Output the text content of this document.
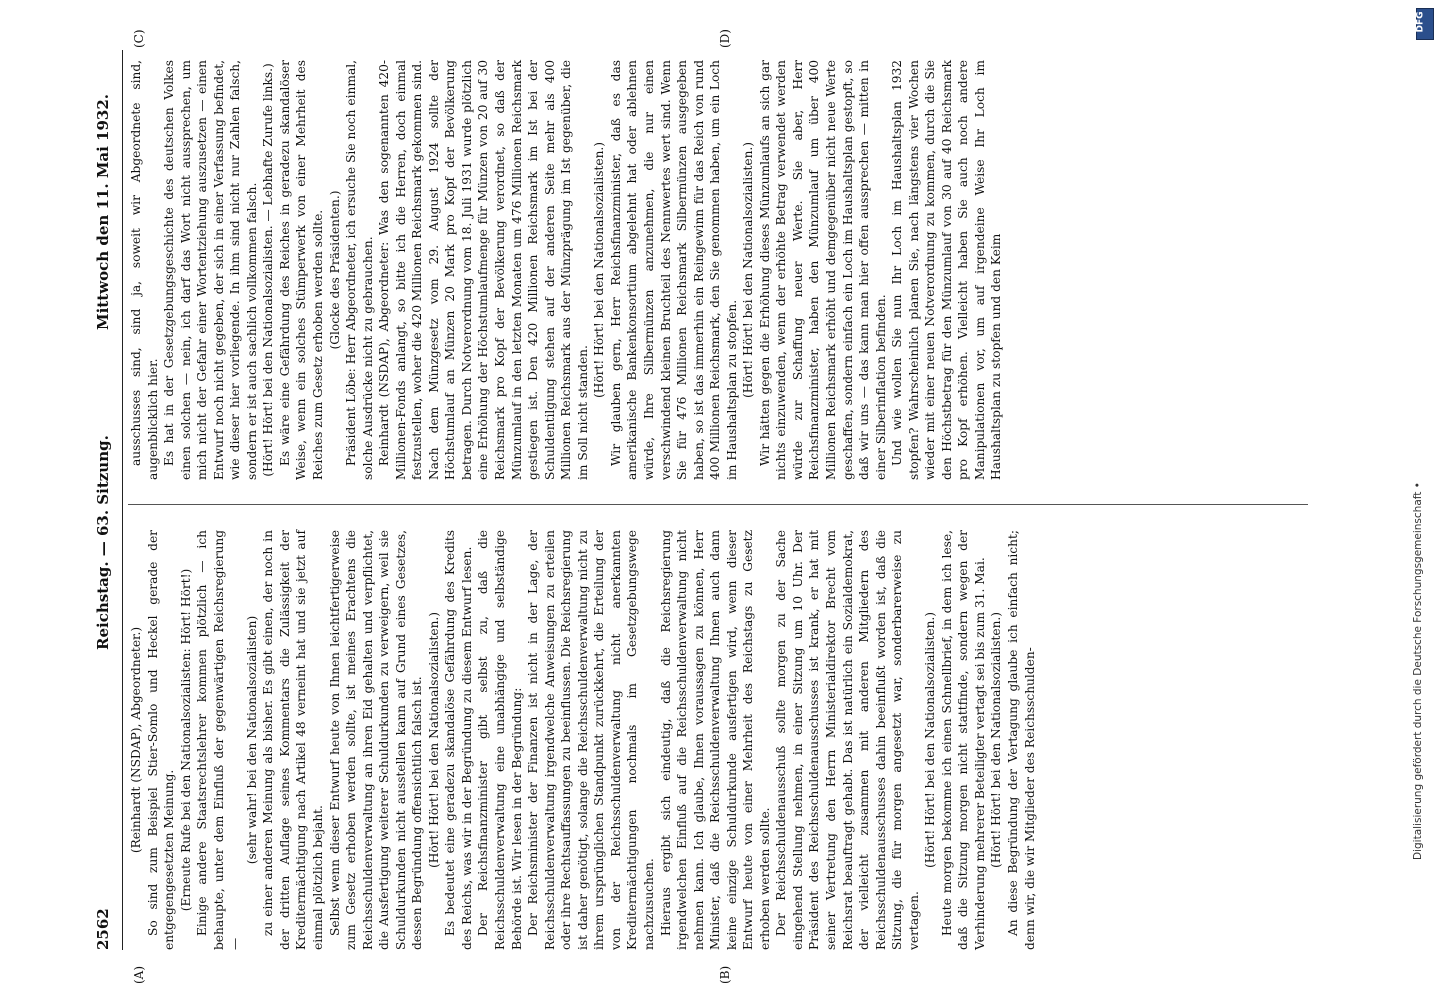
2562
Reichstag. — 63. Sitzung.
Mittwoch den 11. Mai 1932.
(A)	(B)
(C)	(D)

(Reinhardt (NSDAP), Abgeordneter.) So sind zum Beispiel Stier-Somlo und Heckel gerade der entgegengesetzten Meinung. (Erneute Rufe bei den Nationalsozialisten: Hört! Hört!) Einige andere Staatsrechtslehrer kommen plötzlich — ich behaupte, unter dem Einfluß der gegenwärtigen Reichsregierung —

(sehr wahr! bei den Nationalsozialisten) zu einer anderen Meinung als bisher. Es gibt einen, der noch in der dritten Auflage seines Kommentars die Zulässigkeit der Kreditermächtigung nach Artikel 48 verneint hat und sie jetzt auf einmal plötzlich bejaht. Selbst wenn dieser Entwurf heute von Ihnen leichtfertigerweise zum Gesetz erhoben werden sollte, ist meines Erachtens die Reichsschuldenverwaltung an ihren Eid gehalten und verpflichtet, die Ausfertigung weiterer Schuldurkunden zu verweigern, weil sie Schuldurkunden nicht ausstellen kann auf Grund eines Gesetzes, dessen Begründung offensichtlich falsch ist. (Hört! Hört! bei den Nationalsozialisten.) Es bedeutet eine geradezu skandalöse Gefährdung des Kredits des Reichs, was wir in der Begründung zu diesem Entwurf lesen. Der Reichsfinanzminister gibt selbst zu, daß die Reichsschuldenverwaltung eine unabhängige und selbständige Behörde ist. Wir lesen in der Begründung: Der Reichsminister der Finanzen ist nicht in der Lage, der Reichsschuldenverwaltung irgendwelche Anweisungen zu erteilen oder ihre Rechtsauffassungen zu beeinflussen. Die Reichsregierung ist daher genötigt, solange die Reichsschuldenverwaltung nicht zu ihrem ursprünglichen Standpunkt zurückkehrt, die Erteilung der von der Reichsschuldenverwaltung nicht anerkannten Kreditermächtigungen nochmals im Gesetzgebungswege nachzusuchen. Hieraus ergibt sich eindeutig, daß die Reichsregierung irgendwelchen Einfluß auf die Reichsschuldenverwaltung nicht nehmen kann. Ich glaube, Ihnen voraussagen zu können, Herr Minister, daß die Reichsschuldenverwaltung Ihnen auch dann keine einzige Schuldurkunde ausfertigen wird, wenn dieser Entwurf heute von einer Mehrheit des Reichstags zu Gesetz erhoben werden sollte. Der Reichsschuldenausschuß sollte morgen zu der Sache eingehend Stellung nehmen, in einer Sitzung um 10 Uhr. Der Präsident des Reichsschuldenausschusses ist krank, er hat mit seiner Vertretung den Herrn Ministerialdirektor Brecht vom Reichsrat beauftragt gehabt. Das ist natürlich ein Sozialdemokrat, der vielleicht zusammen mit anderen Mitgliedern des Reichsschuldenausschusses dahin beeinflußt worden ist, daß die Sitzung, die für morgen angesetzt war, sonderbarerweise zu vertagen.

(Hört! Hört! bei den Nationalsozialisten.) Heute morgen bekomme ich einen Schnellbrief, in dem ich lese, daß die Sitzung morgen nicht stattfinde, sondern wegen der Verhinderung mehrerer Beteiligter vertagt sei bis zum 31. Mai. (Hört! Hört! bei den Nationalsozialisten.) An diese Begründung der Vertagung glaube ich einfach nicht; denn wir, die wir Mitglieder des Reichsschulden-

ausschusses sind, sind ja, soweit wir Abgeordnete sind, augenblicklich hier. Es hat in der Gesetzgebungsgeschichte des deutschen Volkes einen solchen — nein, ich darf das Wort nicht aussprechen, um mich nicht der Gefahr einer Wortentziehung auszusetzen — einen Entwurf noch nicht gegeben, der sich in einer Verfassung befindet, wie dieser hier vorliegende. In ihm sind nicht nur Zahlen falsch, sondern er ist auch sachlich vollkommen falsch. (Hört! Hört! bei den Nationalsozialisten. — Lebhafte Zurufe links.) Es wäre eine Gefährdung des Reiches in geradezu skandalöser Weise, wenn ein solches Stümperwerk von einer Mehrheit des Reiches zum Gesetz erhoben werden sollte. (Glocke des Präsidenten.) Präsident Löbe: Herr Abgeordneter, ich ersuche Sie noch einmal, solche Ausdrücke nicht zu gebrauchen. Reinhardt (NSDAP), Abgeordneter: Was den sogenannten 420-Millionen-Fonds anlangt, so bitte ich die Herren, doch einmal festzustellen, woher die 420 Millionen Reichsmark gekommen sind. Nach dem Münzgesetz vom 29. August 1924 sollte der Höchstumlauf an Münzen 20 Mark pro Kopf der Bevölkerung betragen. Durch Notverordnung vom 18. Juli 1931 wurde plötzlich eine Erhöhung der Höchstumlaufmenge für Münzen von 20 auf 30 Reichsmark pro Kopf der Bevölkerung verordnet, so daß der Münzumlauf in den letzten Monaten um 476 Millionen Reichsmark gestiegen ist. Den 420 Millionen Reichsmark im Ist bei der Schuldentilgung stehen auf der anderen Seite mehr als 400 Millionen Reichsmark aus der Münzprägung im Ist gegenüber, die im Soll nicht standen.

(Hört! Hört! bei den Nationalsozialisten.) Wir glauben gern, Herr Reichsfinanzminister, daß es das amerikanische Bankenkonsortium abgelehnt hat oder ablehnen würde, Ihre Silbermünzen anzunehmen, die nur einen verschwindend kleinen Bruchteil des Nennwertes wert sind. Wenn Sie für 476 Millionen Reichsmark Silbermünzen ausgegeben haben, so ist das immerhin ein Reingewinn für das Reich von rund 400 Millionen Reichsmark, den Sie genommen haben, um ein Loch im Haushaltsplan zu stopfen. (Hört! Hört! bei den Nationalsozialisten.) Wir hätten gegen die Erhöhung dieses Münzumlaufs an sich gar nichts einzuwenden, wenn der erhöhte Betrag verwendet werden würde zur Schaffung neuer Werte. Sie aber, Herr Reichsfinanzminister, haben den Münzumlauf um über 400 Millionen Reichsmark erhöht und demgegenüber nicht neue Werte geschaffen, sondern einfach ein Loch im Haushaltsplan gestopft, so daß wir uns — das kann man hier offen aussprechen — mitten in einer Silberinflation befinden. Und wie wollen Sie nun Ihr Loch im Haushaltsplan 1932 stopfen? Wahrscheinlich planen Sie, nach längstens vier Wochen wieder mit einer neuen Notverordnung zu kommen, durch die Sie den Höchstbetrag für den Münzumlauf von 30 auf 40 Reichsmark pro Kopf erhöhen. Vielleicht haben Sie auch noch andere Manipulationen vor, um auf irgendeine Weise Ihr Loch im Haushaltsplan zu stopfen und den Keim

Digitalisierung gefördert durch die Deutsche Forschungsgemeinschaft •
DFG
